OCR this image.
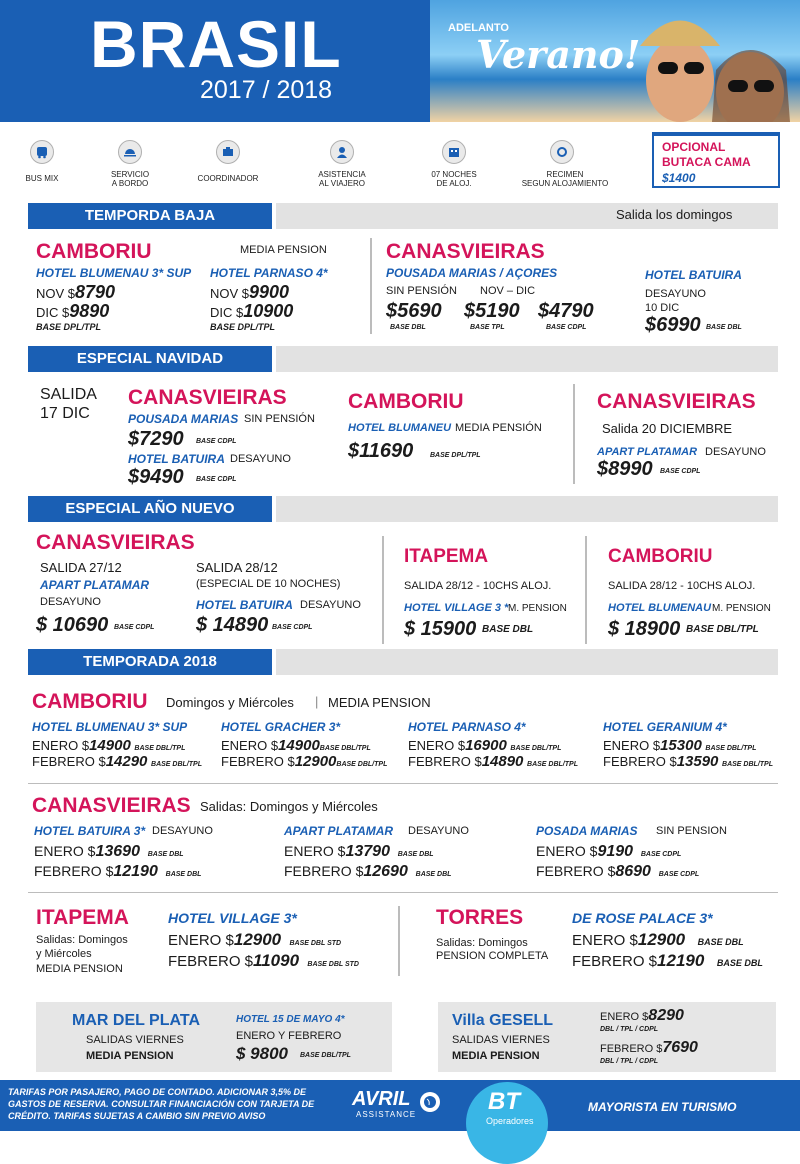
BRASIL
2017 / 2018
ADELANTO
Verano!
BUS MIX	SERVICIO
A BORDO
COORDINADOR	ASISTENCIA
AL VIAJERO
07 NOCHES
DE ALOJ.
RECIMEN
SEGUN ALOJAMIENTO
OPCIONAL
BUTACA CAMA
$1400
TEMPORDA BAJA	Salida los domingos
CAMBORIU	MEDIA PENSION
HOTEL BLUMENAU 3* SUP
NOV $8790
DIC $9890
BASE DPL/TPL
HOTEL PARNASO 4*
NOV $9900
DIC $10900
BASE DPL/TPL
CANASVIEIRAS
POUSADA MARIAS / AÇORES
SIN PENSIÓN NOV – DIC
$5690
BASE DBL
$5190
BASE TPL
$4790
BASE CDPL
HOTEL BATUIRA
DESAYUNO
10 DIC
$6990 BASE DBL
ESPECIAL NAVIDAD
SALIDA
17 DIC
CANASVIEIRAS
POUSADA MARIAS SIN PENSIÓN
$7290 BASE CDPL
HOTEL BATUIRA DESAYUNO
$9490 BASE CDPL
CAMBORIU
HOTEL BLUMANEU MEDIA PENSIÓN
$11690 BASE DPL/TPL
CANASVIEIRAS
Salida 20 DICIEMBRE
APART PLATAMAR DESAYUNO
$8990 BASE CDPL
ESPECIAL AÑO NUEVO
CANASVIEIRAS
SALIDA 27/12
APART PLATAMAR
DESAYUNO
$ 10690 BASE CDPL
SALIDA 28/12
(ESPECIAL DE 10 NOCHES)
HOTEL BATUIRA DESAYUNO
$ 14890 BASE CDPL
ITAPEMA
SALIDA 28/12 - 10CHS ALOJ.
HOTEL VILLAGE 3 * M. PENSION
$ 15900 BASE DBL
CAMBORIU
SALIDA 28/12 - 10CHS ALOJ.
HOTEL BLUMENAU M. PENSION
$ 18900 BASE DBL/TPL
TEMPORADA 2018
CAMBORIU Domingos y Miércoles | MEDIA PENSION
HOTEL BLUMENAU 3* SUP
ENERO $14900 BASE DBL/TPL
FEBRERO $14290 BASE DBL/TPL
HOTEL GRACHER 3*
ENERO $14900BASE DBL/TPL
FEBRERO $12900BASE DBL/TPL
HOTEL PARNASO 4*
ENERO $16900 BASE DBL/TPL
FEBRERO $14890 BASE DBL/TPL
HOTEL GERANIUM 4*
ENERO $15300 BASE DBL/TPL
FEBRERO $13590 BASE DBL/TPL
CANASVIEIRAS Salidas: Domingos y Miércoles
HOTEL BATUIRA 3* DESAYUNO
ENERO $13690 BASE DBL
FEBRERO $12190 BASE DBL
APART PLATAMAR DESAYUNO
ENERO $13790 BASE DBL
FEBRERO $12690 BASE DBL
POSADA MARIAS SIN PENSION
ENERO $9190 BASE CDPL
FEBRERO $8690 BASE CDPL
ITAPEMA
Salidas: Domingos
y Miércoles
MEDIA PENSION
HOTEL VILLAGE 3*
ENERO $12900 BASE DBL STD
FEBRERO $11090 BASE DBL STD
TORRES
Salidas: Domingos
PENSION COMPLETA
DE ROSE PALACE 3*
ENERO $12900 BASE DBL
FEBRERO $12190 BASE DBL
MAR DEL PLATA
SALIDAS VIERNES
MEDIA PENSION
HOTEL 15 DE MAYO 4*
ENERO Y FEBRERO
$ 9800 BASE DBL/TPL
Villa GESELL
SALIDAS VIERNES
MEDIA PENSION
ENERO $8290
DBL / TPL / CDPL
FEBRERO $7690
DBL / TPL / CDPL
TARIFAS POR PASAJERO, PAGO DE CONTADO. ADICIONAR 3,5% DE GASTOS DE RESERVA. CONSULTAR FINANCIACIÓN CON TARJETA DE CRÉDITO. TARIFAS SUJETAS A CAMBIO SIN PREVIO AVISO
AVRIL
ASSISTANCE	BT
Operadores
MAYORISTA EN TURISMO
